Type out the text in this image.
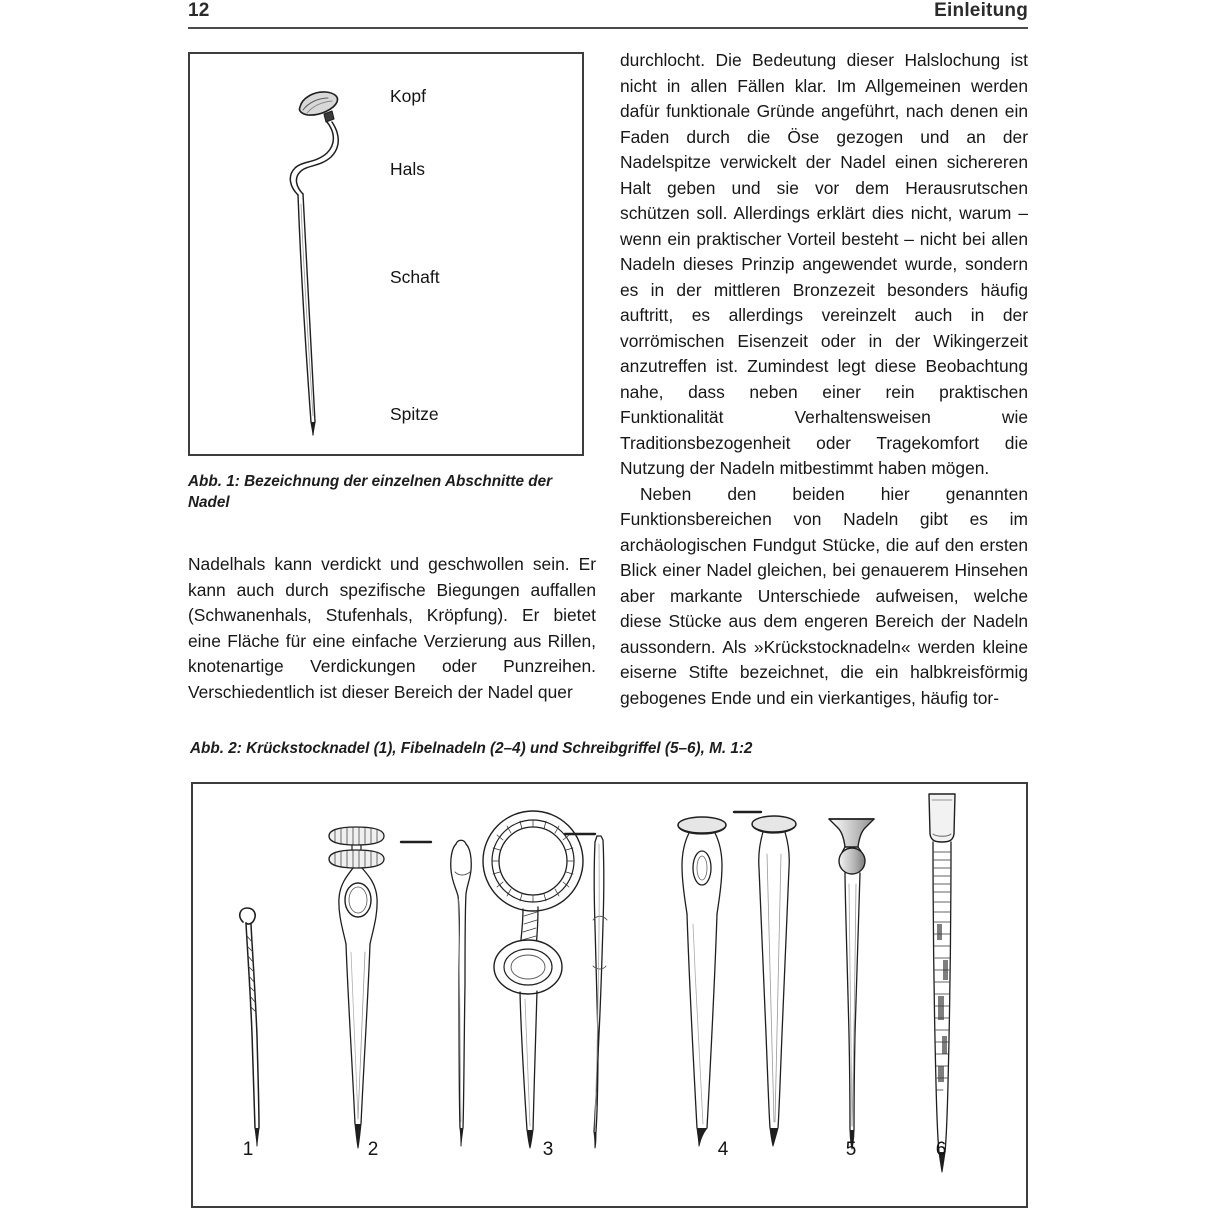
12	Einleitung
Kopf
Hals
Schaft
Spitze
Abb. 1: Bezeichnung der einzelnen Abschnitte der Nadel

Nadelhals kann verdickt und geschwollen sein. Er kann auch durch spezifische Biegungen auffallen (Schwanenhals, Stufenhals, Kröpfung). Er bietet eine Fläche für eine einfache Verzierung aus Rillen, knotenartige Verdickungen oder Punzreihen. Verschiedentlich ist dieser Bereich der Nadel quer

durchlocht. Die Bedeutung dieser Halslochung ist nicht in allen Fällen klar. Im Allgemeinen werden dafür funktionale Gründe angeführt, nach denen ein Faden durch die Öse gezogen und an der Nadelspitze verwickelt der Nadel einen sichereren Halt geben und sie vor dem Herausrutschen schützen soll. Allerdings erklärt dies nicht, warum – wenn ein praktischer Vorteil besteht – nicht bei allen Nadeln dieses Prinzip angewendet wurde, sondern es in der mittleren Bronzezeit besonders häufig auftritt, es allerdings vereinzelt auch in der vorrömischen Eisenzeit oder in der Wikingerzeit anzutreffen ist. Zumindest legt diese Beobachtung nahe, dass neben einer rein praktischen Funktionalität Verhaltensweisen wie Traditionsbezogenheit oder Tragekomfort die Nutzung der Nadeln mitbestimmt haben mögen.

Neben den beiden hier genannten Funktionsbereichen von Nadeln gibt es im archäologischen Fundgut Stücke, die auf den ersten Blick einer Nadel gleichen, bei genauerem Hinsehen aber markante Unterschiede aufweisen, welche diese Stücke aus dem engeren Bereich der Nadeln aussondern. Als »Krückstocknadeln« werden kleine eiserne Stifte bezeichnet, die ein halbkreisförmig gebogenes Ende und ein vierkantiges, häufig tor-

Abb. 2: Krückstocknadel (1), Fibelnadeln (2–4) und Schreibgriffel (5–6), M. 1:2
1	2	3	4	5	6
